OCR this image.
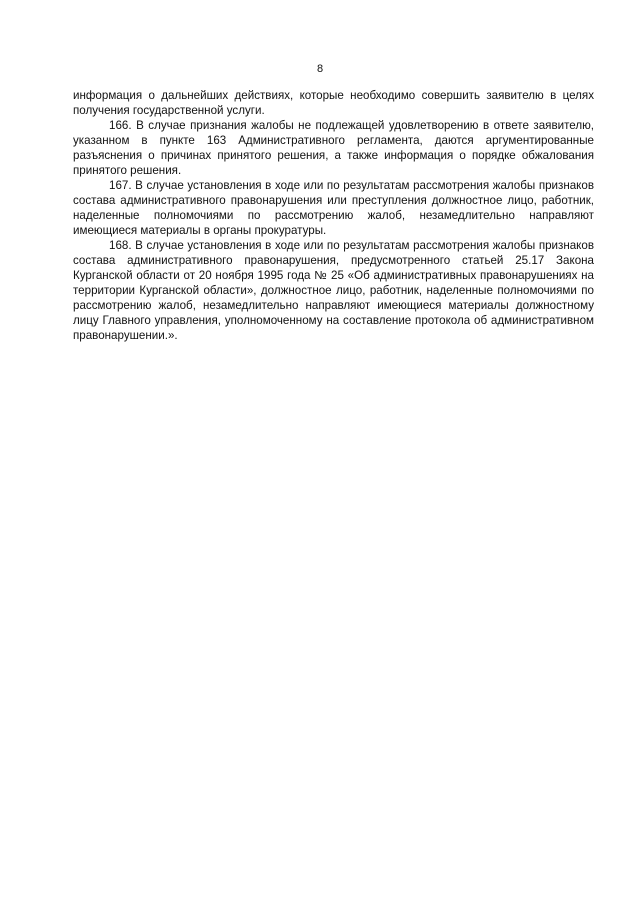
8

информация о дальнейших действиях, которые необходимо совершить заявителю в целях получения государственной услуги.

166. В случае признания жалобы не подлежащей удовлетворению в ответе заявителю, указанном в пункте 163 Административного регламента, даются аргументированные разъяснения о причинах принятого решения, а также информация о порядке обжалования принятого решения.

167. В случае установления в ходе или по результатам рассмотрения жалобы признаков состава административного правонарушения или преступления должностное лицо, работник, наделенные полномочиями по рассмотрению жалоб, незамедлительно направляют имеющиеся материалы в органы прокуратуры.

168. В случае установления в ходе или по результатам рассмотрения жалобы признаков состава административного правонарушения, предусмотренного статьей 25.17 Закона Курганской области от 20 ноября 1995 года № 25 «Об административных правонарушениях на территории Курганской области», должностное лицо, работник, наделенные полномочиями по рассмотрению жалоб, незамедлительно направляют имеющиеся материалы должностному лицу Главного управления, уполномоченному на составление протокола об административном правонарушении.».
